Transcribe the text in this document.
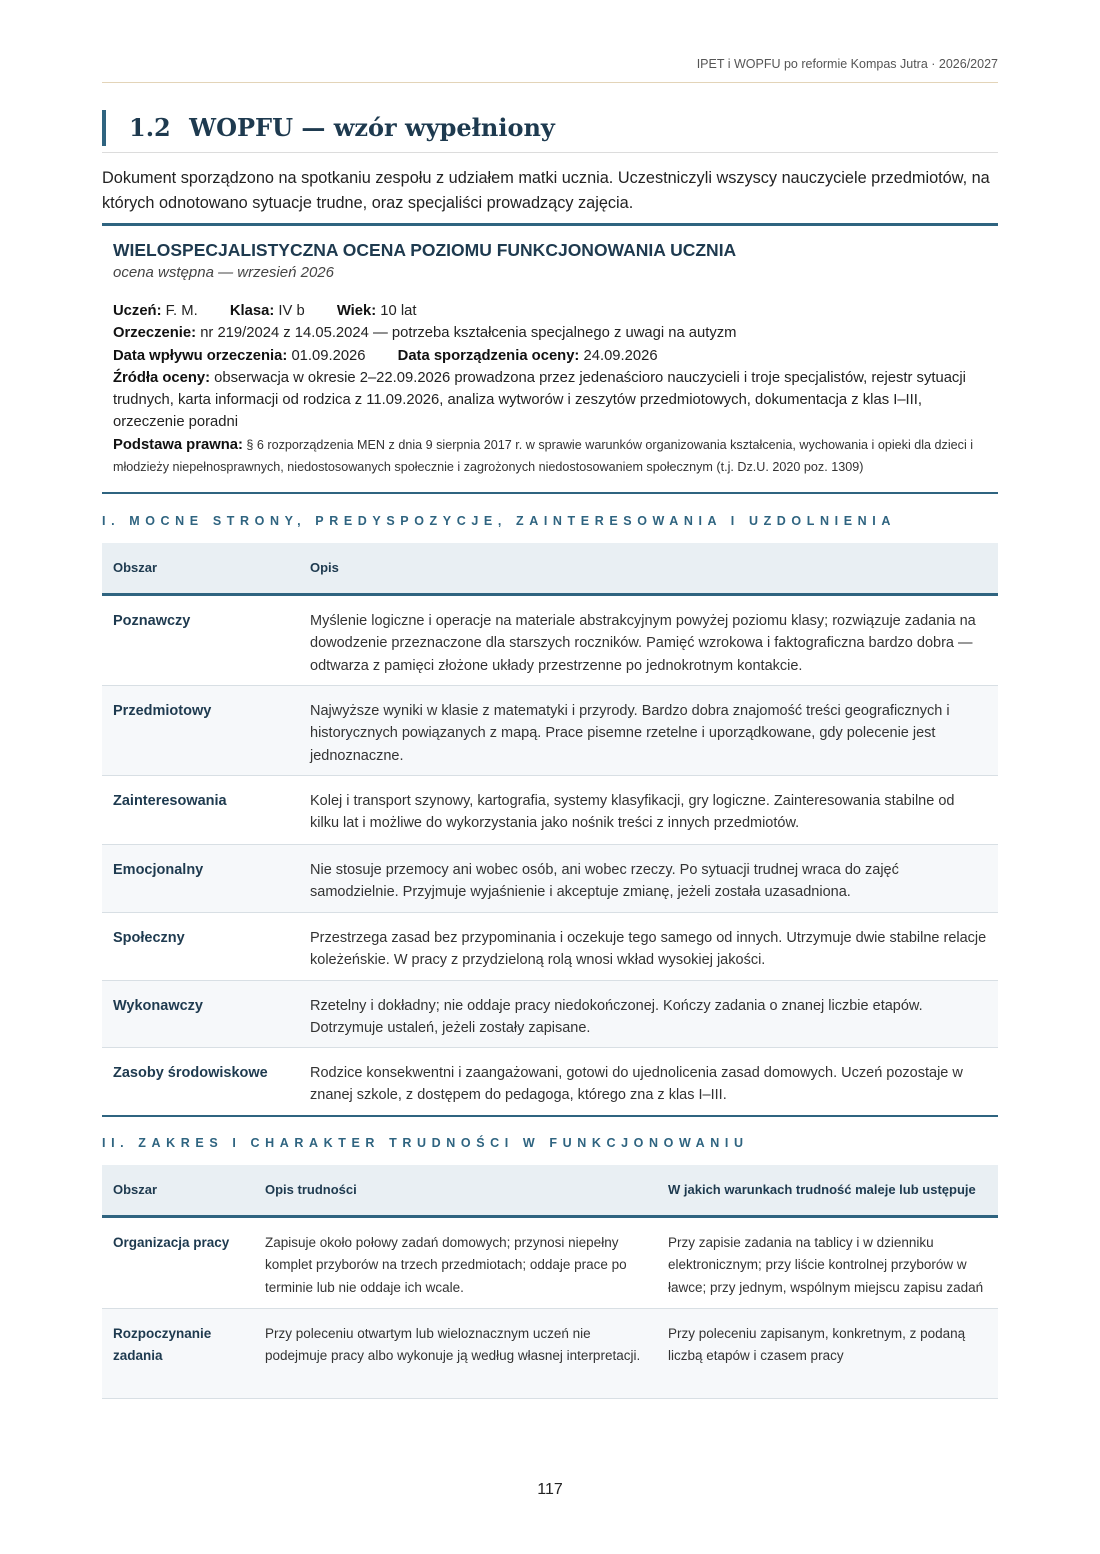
IPET i WOPFU po reformie Kompas Jutra · 2026/2027
1.2 WOPFU — wzór wypełniony
Dokument sporządzono na spotkaniu zespołu z udziałem matki ucznia. Uczestniczyli wszyscy nauczyciele przedmiotów, na których odnotowano sytuacje trudne, oraz specjaliści prowadzący zajęcia.
WIELOSPECJALISTYCZNA OCENA POZIOMU FUNKCJONOWANIA UCZNIA
ocena wstępna — wrzesień 2026
Uczeń: F. M. Klasa: IV b Wiek: 10 lat
Orzeczenie: nr 219/2024 z 14.05.2024 — potrzeba kształcenia specjalnego z uwagi na autyzm
Data wpływu orzeczenia: 01.09.2026 Data sporządzenia oceny: 24.09.2026
Źródła oceny: obserwacja w okresie 2–22.09.2026 prowadzona przez jedenaścioro nauczycieli i troje specjalistów, rejestr sytuacji trudnych, karta informacji od rodzica z 11.09.2026, analiza wytworów i zeszytów przedmiotowych, dokumentacja z klas I–III, orzeczenie poradni
Podstawa prawna: § 6 rozporządzenia MEN z dnia 9 sierpnia 2017 r. w sprawie warunków organizowania kształcenia, wychowania i opieki dla dzieci i młodzieży niepełnosprawnych, niedostosowanych społecznie i zagrożonych niedostosowaniem społecznym (t.j. Dz.U. 2020 poz. 1309)
I. MOCNE STRONY, PREDYSPOZYCJE, ZAINTERESOWANIA I UZDOLNIENIA
Obszar	Opis
Poznawczy	Myślenie logiczne i operacje na materiale abstrakcyjnym powyżej poziomu klasy; rozwiązuje zadania na dowodzenie przeznaczone dla starszych roczników. Pamięć wzrokowa i faktograficzna bardzo dobra — odtwarza z pamięci złożone układy przestrzenne po jednokrotnym kontakcie.
Przedmiotowy	Najwyższe wyniki w klasie z matematyki i przyrody. Bardzo dobra znajomość treści geograficznych i historycznych powiązanych z mapą. Prace pisemne rzetelne i uporządkowane, gdy polecenie jest jednoznaczne.
Zainteresowania	Kolej i transport szynowy, kartografia, systemy klasyfikacji, gry logiczne. Zainteresowania stabilne od kilku lat i możliwe do wykorzystania jako nośnik treści z innych przedmiotów.
Emocjonalny	Nie stosuje przemocy ani wobec osób, ani wobec rzeczy. Po sytuacji trudnej wraca do zajęć samodzielnie. Przyjmuje wyjaśnienie i akceptuje zmianę, jeżeli została uzasadniona.
Społeczny	Przestrzega zasad bez przypominania i oczekuje tego samego od innych. Utrzymuje dwie stabilne relacje koleżeńskie. W pracy z przydzieloną rolą wnosi wkład wysokiej jakości.
Wykonawczy	Rzetelny i dokładny; nie oddaje pracy niedokończonej. Kończy zadania o znanej liczbie etapów. Dotrzymuje ustaleń, jeżeli zostały zapisane.
Zasoby środowiskowe	Rodzice konsekwentni i zaangażowani, gotowi do ujednolicenia zasad domowych. Uczeń pozostaje w znanej szkole, z dostępem do pedagoga, którego zna z klas I–III.
II. ZAKRES I CHARAKTER TRUDNOŚCI W FUNKCJONOWANIU
Obszar	Opis trudności	W jakich warunkach trudność maleje lub ustępuje
Organizacja pracy	Zapisuje około połowy zadań domowych; przynosi niepełny komplet przyborów na trzech przedmiotach; oddaje prace po terminie lub nie oddaje ich wcale.	Przy zapisie zadania na tablicy i w dzienniku elektronicznym; przy liście kontrolnej przyborów w ławce; przy jednym, wspólnym miejscu zapisu zadań
Rozpoczynanie zadania	Przy poleceniu otwartym lub wieloznacznym uczeń nie podejmuje pracy albo wykonuje ją według własnej interpretacji.	Przy poleceniu zapisanym, konkretnym, z podaną liczbą etapów i czasem pracy
117
